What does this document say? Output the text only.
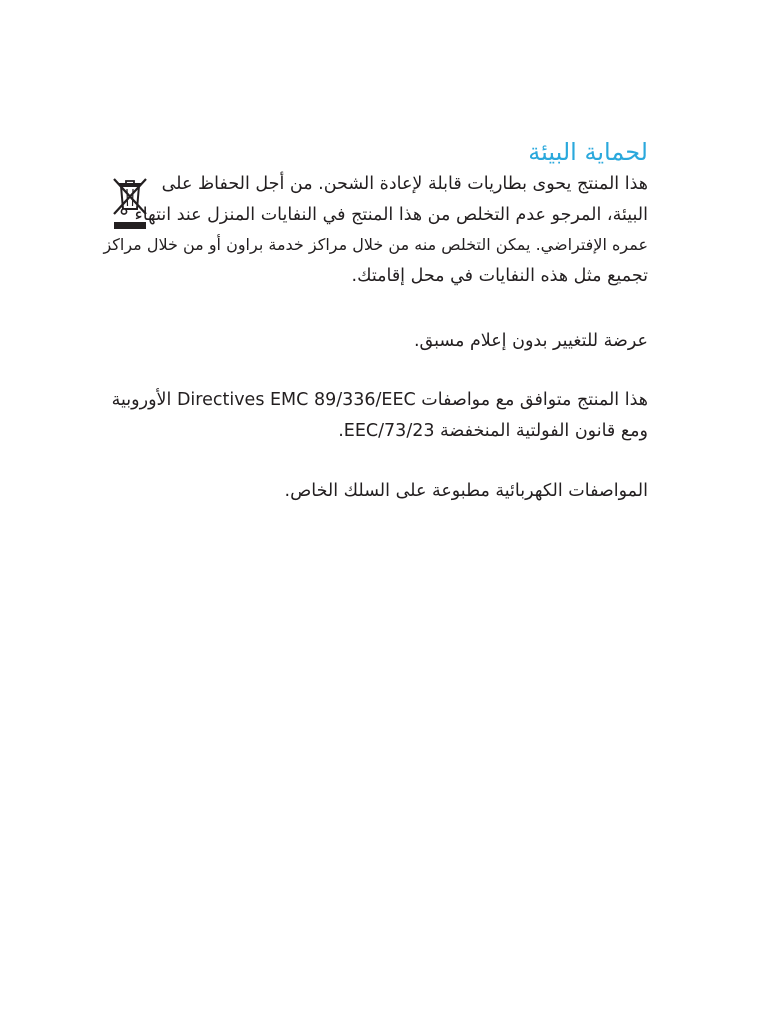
لحماية البيئة
هذا المنتج يحوى بطاريات قابلة لإعادة الشحن. من أجل الحفاظ على
البيئة، المرجو عدم التخلص من هذا المنتج في النفايات المنزل عند انتهاء
عمره الإفتراضي. يمكن التخلص منه من خلال مراكز خدمة براون أو من خلال مراكز
تجميع مثل هذه النفايات في محل إقامتك.
عرضة للتغيير بدون إعلام مسبق.
هذا المنتج متوافق مع مواصفات Directives EMC 89/336/EEC الأوروبية
ومع قانون الفولتية المنخفضة 73/23/EEC.
المواصفات الكهربائية مطبوعة على السلك الخاص.
